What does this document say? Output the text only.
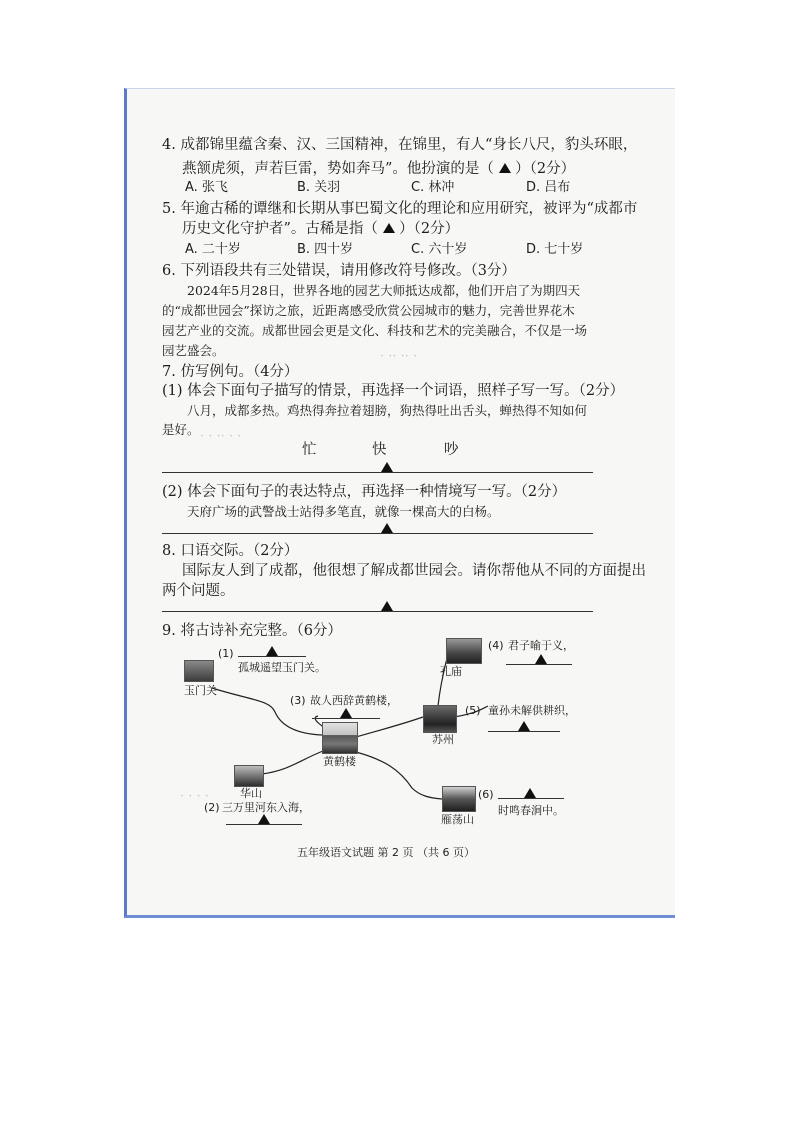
· ·· ·· ·
· · ·· · ·
· · · ·
4. 成都锦里蕴含秦、汉、三国精神，在锦里，有人“身长八尺，豹头环眼，
燕颔虎须，声若巨雷，势如奔马”。他扮演的是（ ）（2分）
A. 张飞	B. 关羽	C. 林冲	D. 吕布
5. 年逾古稀的谭继和长期从事巴蜀文化的理论和应用研究，被评为“成都市
历史文化守护者”。古稀是指（ ）（2分）
A. 二十岁	B. 四十岁	C. 六十岁	D. 七十岁
6. 下列语段共有三处错误，请用修改符号修改。（3分）
2024年5月28日，世界各地的园艺大师抵达成都，他们开启了为期四天
的“成都世园会”探访之旅，近距离感受欣赏公园城市的魅力，完善世界花木
园艺产业的交流。成都世园会更是文化、科技和艺术的完美融合，不仅是一场
园艺盛会。
7. 仿写例句。（4分）
(1) 体会下面句子描写的情景，再选择一个词语，照样子写一写。（2分）
八月，成都多热。鸡热得奔拉着翅膀，狗热得吐出舌头，蝉热得不知如何
是好。
忙	快	吵
(2) 体会下面句子的表达特点，再选择一种情境写一写。（2分）
天府广场的武警战士站得多笔直，就像一棵高大的白杨。
8. 口语交际。（2分）
国际友人到了成都，他很想了解成都世园会。请你帮他从不同的方面提出
两个问题。
9. 将古诗补充完整。（6分）
(1)
孤城遥望玉门关。
玉门关
(3) 故人西辞黄鹤楼，
黄鹤楼
华山
(2) 三万里河东入海，
孔庙
(4) 君子喻于义，
苏州
(5) 童孙未解供耕织，
雁荡山
(6)
时鸣春涧中。
五年级语文试题 第 2 页 （共 6 页）
